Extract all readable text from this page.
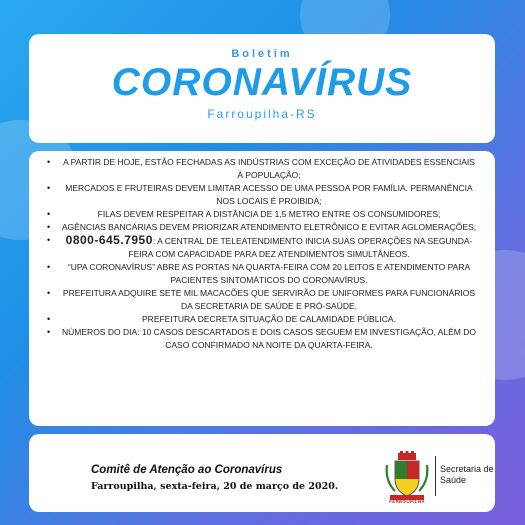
Boletim
CORONAVÍRUS
Farroupilha-RS
• A PARTIR DE HOJE, ESTÃO FECHADAS AS INDÚSTRIAS COM EXCEÇÃO DE ATIVIDADES ESSENCIAIS À POPULAÇÃO;
• MERCADOS E FRUTEIRAS DEVEM LIMITAR ACESSO DE UMA PESSOA POR FAMÍLIA. PERMANÊNCIA NOS LOCAIS É PROIBIDA;
•	FILAS DEVEM RESPEITAR A DISTÂNCIA DE 1,5 METRO ENTRE OS CONSUMIDORES;
• AGÊNCIAS BANCÁRIAS DEVEM PRIORIZAR ATENDIMENTO ELETRÔNICO E EVITAR AGLOMERAÇÕES;
• 0800-645.7950: A CENTRAL DE TELEATENDIMENTO INICIA SUAS OPERAÇÕES NA SEGUNDA-FEIRA COM CAPACIDADE PARA DEZ ATENDIMENTOS SIMULTÂNEOS.
• “UPA CORONAVÍRUS” ABRE AS PORTAS NA QUARTA-FEIRA COM 20 LEITOS E ATENDIMENTO PARA PACIENTES SINTOMÁTICOS DO CORONAVÍRUS.
• PREFEITURA ADQUIRE SETE MIL MACACÕES QUE SERVIRÃO DE UNIFORMES PARA FUNCIONÁRIOS DA SECRETARIA DE SAÚDE E PRÓ-SAÚDE.
•	PREFEITURA DECRETA SITUAÇÃO DE CALAMIDADE PÚBLICA.
• NÚMEROS DO DIA: 10 CASOS DESCARTADOS E DOIS CASOS SEGUEM EM INVESTIGAÇÃO, ALÉM DO CASO CONFIRMADO NA NOITE DA QUARTA-FEIRA.
Comitê de Atenção ao Coronavírus
Farroupilha, sexta-feira, 20 de março de 2020.
FARROUPILHA
Secretaria de Saúde
